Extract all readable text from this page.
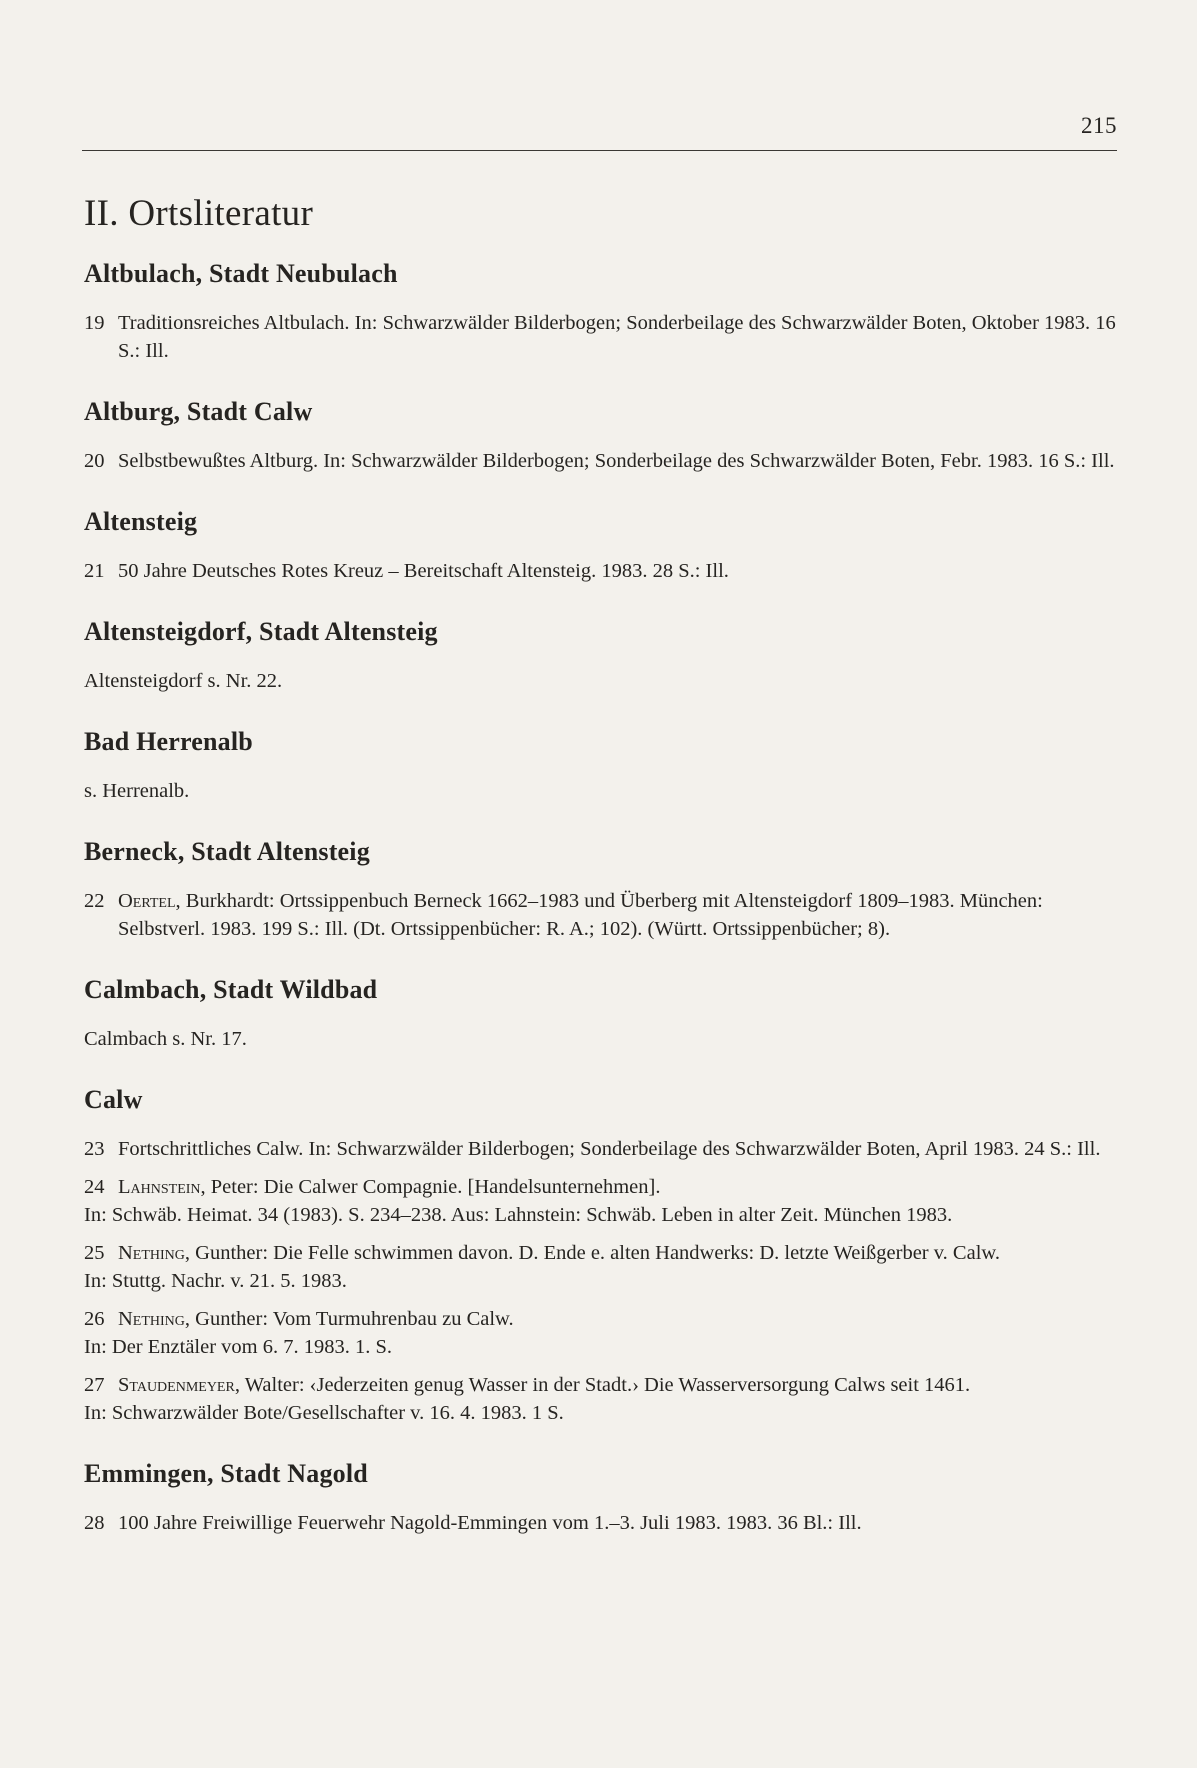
215
II. Ortsliteratur
Altbulach, Stadt Neubulach

19 Traditionsreiches Altbulach. In: Schwarzwälder Bilderbogen; Sonderbeilage des Schwarzwälder Boten, Oktober 1983. 16 S.: Ill.

Altburg, Stadt Calw

20 Selbstbewußtes Altburg. In: Schwarzwälder Bilderbogen; Sonderbeilage des Schwarzwälder Boten, Febr. 1983. 16 S.: Ill.

Altensteig

21 50 Jahre Deutsches Rotes Kreuz – Bereitschaft Altensteig. 1983. 28 S.: Ill.

Altensteigdorf, Stadt Altensteig

Altensteigdorf s. Nr. 22.

Bad Herrenalb

s. Herrenalb.

Berneck, Stadt Altensteig

22 Oertel, Burkhardt: Ortssippenbuch Berneck 1662–1983 und Überberg mit Altensteigdorf 1809–1983. München: Selbstverl. 1983. 199 S.: Ill. (Dt. Ortssippenbücher: R. A.; 102). (Württ. Ortssippenbücher; 8).

Calmbach, Stadt Wildbad

Calmbach s. Nr. 17.

Calw

23 Fortschrittliches Calw. In: Schwarzwälder Bilderbogen; Sonderbeilage des Schwarzwälder Boten, April 1983. 24 S.: Ill.

24 Lahnstein, Peter: Die Calwer Compagnie. [Handelsunternehmen].
In: Schwäb. Heimat. 34 (1983). S. 234–238. Aus: Lahnstein: Schwäb. Leben in alter Zeit. München 1983.

25 Nething, Gunther: Die Felle schwimmen davon. D. Ende e. alten Handwerks: D. letzte Weißgerber v. Calw.
In: Stuttg. Nachr. v. 21. 5. 1983.

26 Nething, Gunther: Vom Turmuhrenbau zu Calw.
In: Der Enztäler vom 6. 7. 1983. 1. S.

27 Staudenmeyer, Walter: ‹Jederzeiten genug Wasser in der Stadt.› Die Wasserversorgung Calws seit 1461.
In: Schwarzwälder Bote/Gesellschafter v. 16. 4. 1983. 1 S.

Emmingen, Stadt Nagold

28 100 Jahre Freiwillige Feuerwehr Nagold-Emmingen vom 1.–3. Juli 1983. 1983. 36 Bl.: Ill.
